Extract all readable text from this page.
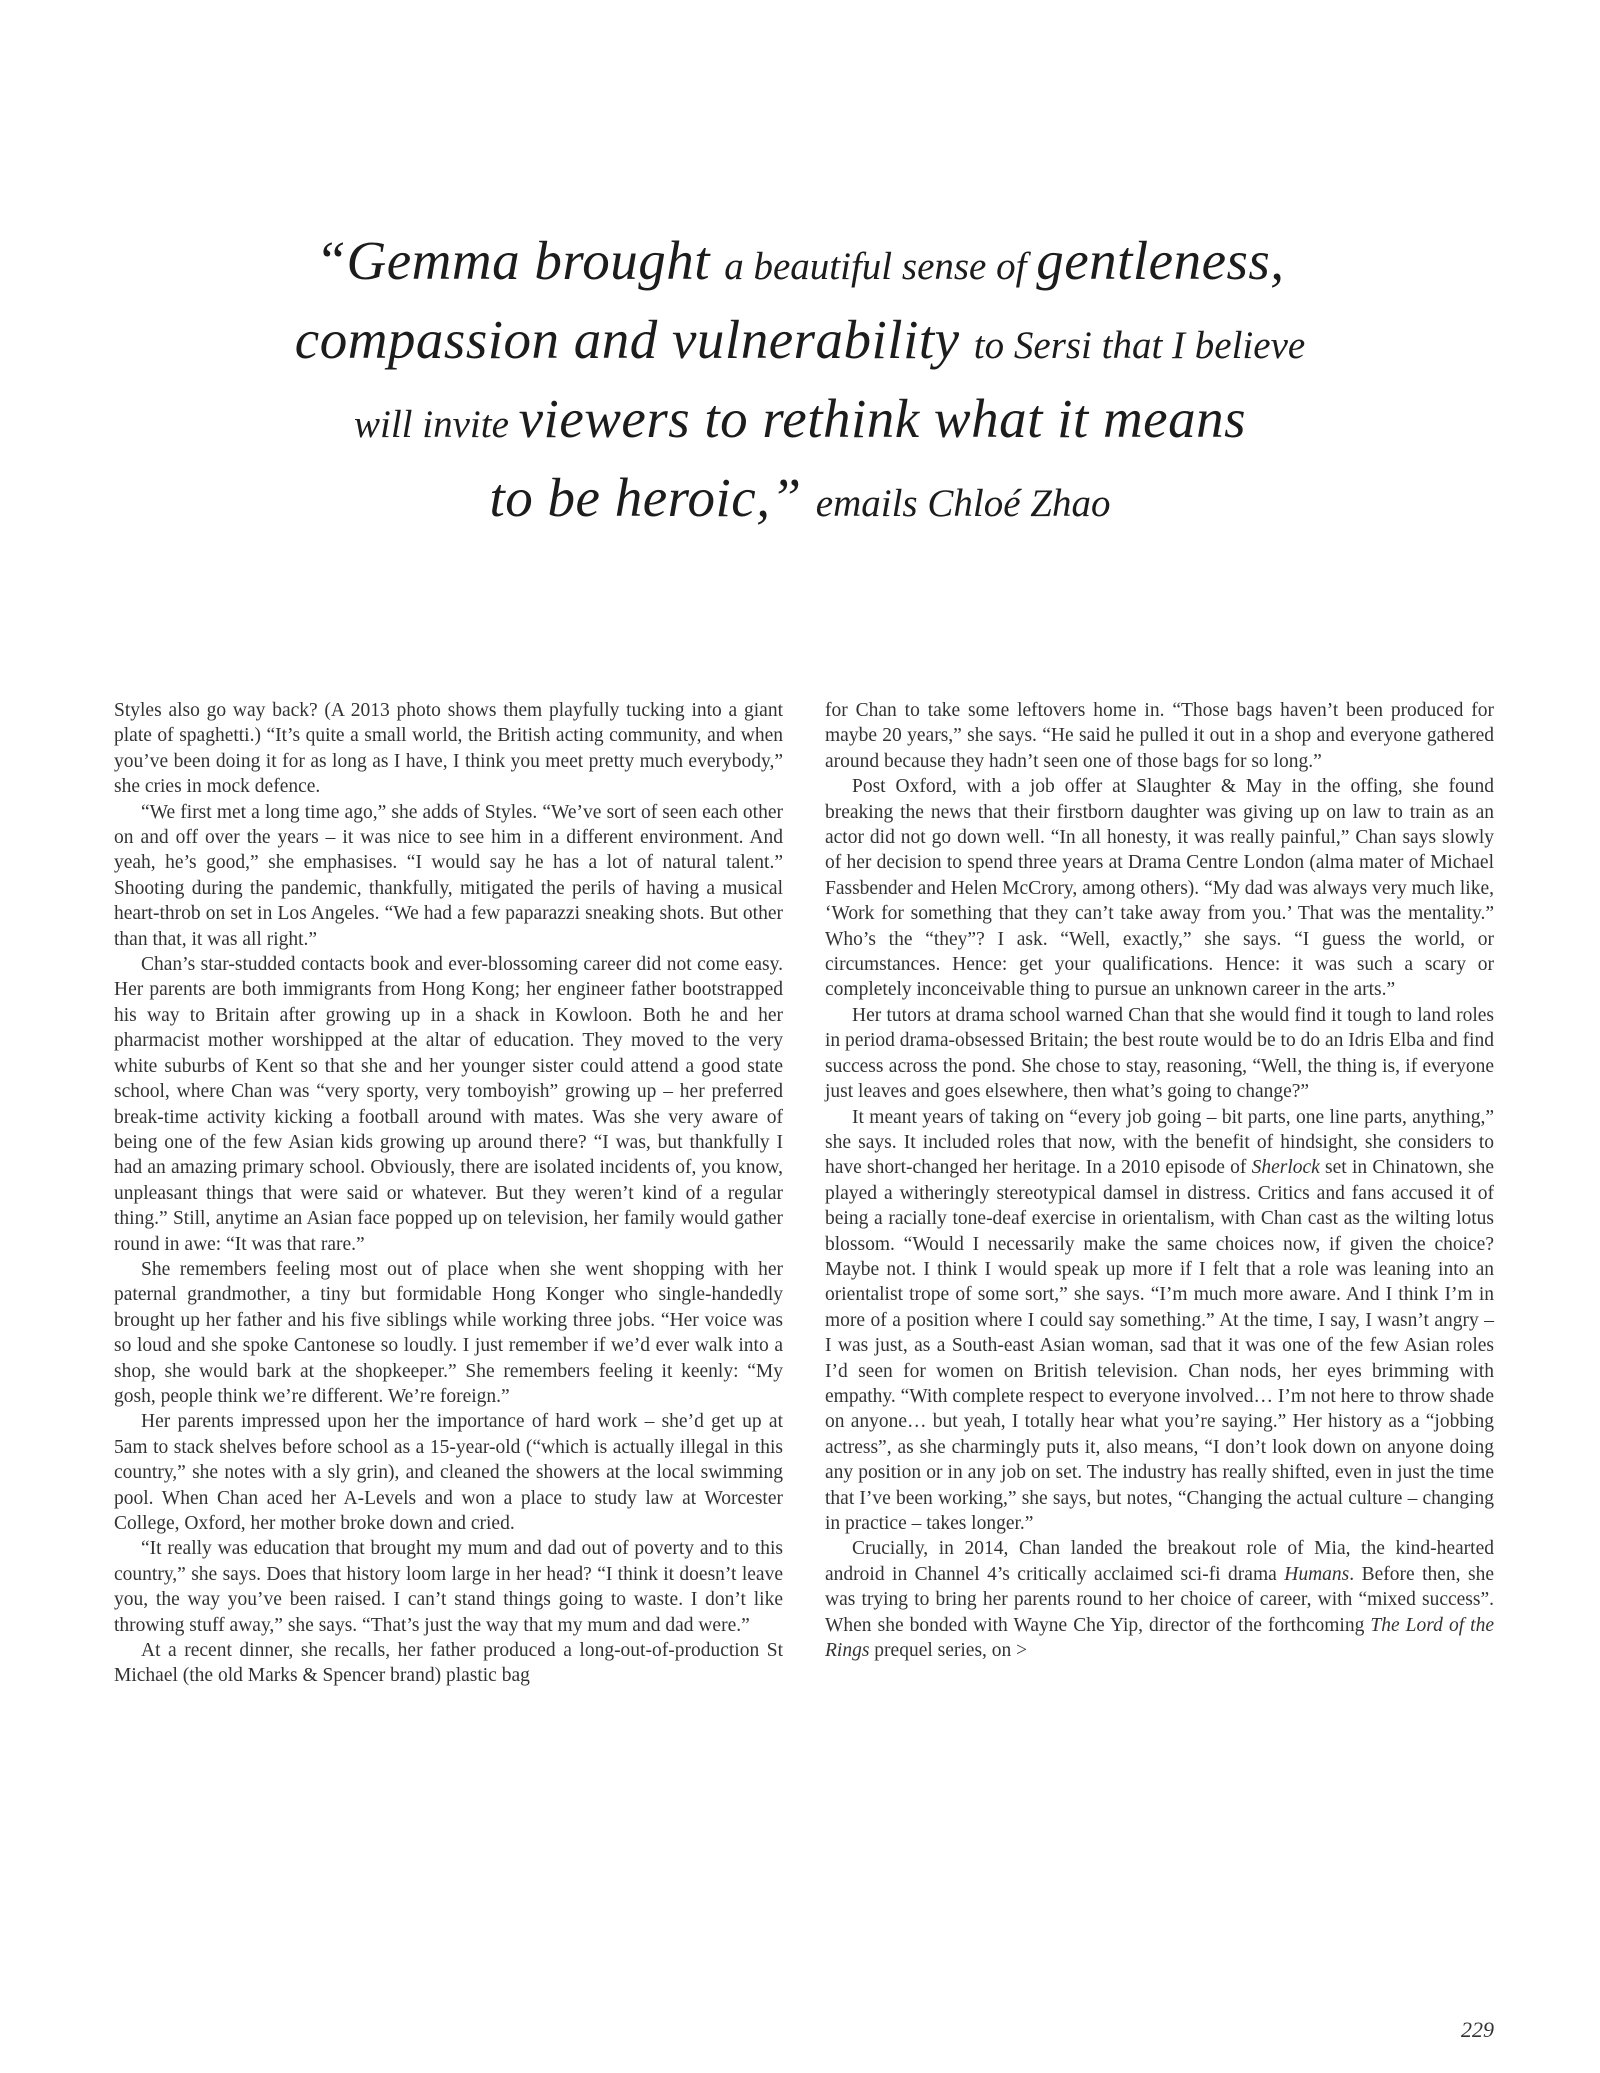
“Gemma brought a beautiful sense of gentleness,
compassion and vulnerability to Sersi that I believe
will invite viewers to rethink what it means
to be heroic,” emails Chloé Zhao

Styles also go way back? (A 2013 photo shows them playfully tucking into a giant plate of spaghetti.) “It’s quite a small world, the British acting community, and when you’ve been doing it for as long as I have, I think you meet pretty much everybody,” she cries in mock defence.

“We first met a long time ago,” she adds of Styles. “We’ve sort of seen each other on and off over the years – it was nice to see him in a different environment. And yeah, he’s good,” she emphasises. “I would say he has a lot of natural talent.” Shooting during the pandemic, thankfully, mitigated the perils of having a musical heart-throb on set in Los Angeles. “We had a few paparazzi sneaking shots. But other than that, it was all right.”

Chan’s star-studded contacts book and ever-blossoming career did not come easy. Her parents are both immigrants from Hong Kong; her engineer father bootstrapped his way to Britain after growing up in a shack in Kowloon. Both he and her pharmacist mother worshipped at the altar of education. They moved to the very white suburbs of Kent so that she and her younger sister could attend a good state school, where Chan was “very sporty, very tomboyish” growing up – her preferred break-time activity kicking a football around with mates. Was she very aware of being one of the few Asian kids growing up around there? “I was, but thankfully I had an amazing primary school. Obviously, there are isolated incidents of, you know, unpleasant things that were said or whatever. But they weren’t kind of a regular thing.” Still, anytime an Asian face popped up on television, her family would gather round in awe: “It was that rare.”

She remembers feeling most out of place when she went shopping with her paternal grandmother, a tiny but formidable Hong Konger who single-handedly brought up her father and his five siblings while working three jobs. “Her voice was so loud and she spoke Cantonese so loudly. I just remember if we’d ever walk into a shop, she would bark at the shopkeeper.” She remembers feeling it keenly: “My gosh, people think we’re different. We’re foreign.”

Her parents impressed upon her the importance of hard work – she’d get up at 5am to stack shelves before school as a 15-year-old (“which is actually illegal in this country,” she notes with a sly grin), and cleaned the showers at the local swimming pool. When Chan aced her A-Levels and won a place to study law at Worcester College, Oxford, her mother broke down and cried.

“It really was education that brought my mum and dad out of poverty and to this country,” she says. Does that history loom large in her head? “I think it doesn’t leave you, the way you’ve been raised. I can’t stand things going to waste. I don’t like throwing stuff away,” she says. “That’s just the way that my mum and dad were.”

At a recent dinner, she recalls, her father produced a long-out-of-production St Michael (the old Marks & Spencer brand) plastic bag

for Chan to take some leftovers home in. “Those bags haven’t been produced for maybe 20 years,” she says. “He said he pulled it out in a shop and everyone gathered around because they hadn’t seen one of those bags for so long.”

Post Oxford, with a job offer at Slaughter & May in the offing, she found breaking the news that their firstborn daughter was giving up on law to train as an actor did not go down well. “In all honesty, it was really painful,” Chan says slowly of her decision to spend three years at Drama Centre London (alma mater of Michael Fassbender and Helen McCrory, among others). “My dad was always very much like, ‘Work for something that they can’t take away from you.’ That was the mentality.” Who’s the “they”? I ask. “Well, exactly,” she says. “I guess the world, or circumstances. Hence: get your qualifications. Hence: it was such a scary or completely inconceivable thing to pursue an unknown career in the arts.”

Her tutors at drama school warned Chan that she would find it tough to land roles in period drama-obsessed Britain; the best route would be to do an Idris Elba and find success across the pond. She chose to stay, reasoning, “Well, the thing is, if everyone just leaves and goes elsewhere, then what’s going to change?”

It meant years of taking on “every job going – bit parts, one line parts, anything,” she says. It included roles that now, with the benefit of hindsight, she considers to have short-changed her heritage. In a 2010 episode of Sherlock set in Chinatown, she played a witheringly stereotypical damsel in distress. Critics and fans accused it of being a racially tone-deaf exercise in orientalism, with Chan cast as the wilting lotus blossom. “Would I necessarily make the same choices now, if given the choice? Maybe not. I think I would speak up more if I felt that a role was leaning into an orientalist trope of some sort,” she says. “I’m much more aware. And I think I’m in more of a position where I could say something.” At the time, I say, I wasn’t angry – I was just, as a South-east Asian woman, sad that it was one of the few Asian roles I’d seen for women on British television. Chan nods, her eyes brimming with empathy. “With complete respect to everyone involved… I’m not here to throw shade on anyone… but yeah, I totally hear what you’re saying.” Her history as a “jobbing actress”, as she charmingly puts it, also means, “I don’t look down on anyone doing any position or in any job on set. The industry has really shifted, even in just the time that I’ve been working,” she says, but notes, “Changing the actual culture – changing in practice – takes longer.”

Crucially, in 2014, Chan landed the breakout role of Mia, the kind-hearted android in Channel 4’s critically acclaimed sci-fi drama Humans. Before then, she was trying to bring her parents round to her choice of career, with “mixed success”. When she bonded with Wayne Che Yip, director of the forthcoming The Lord of the Rings prequel series, on >

229
